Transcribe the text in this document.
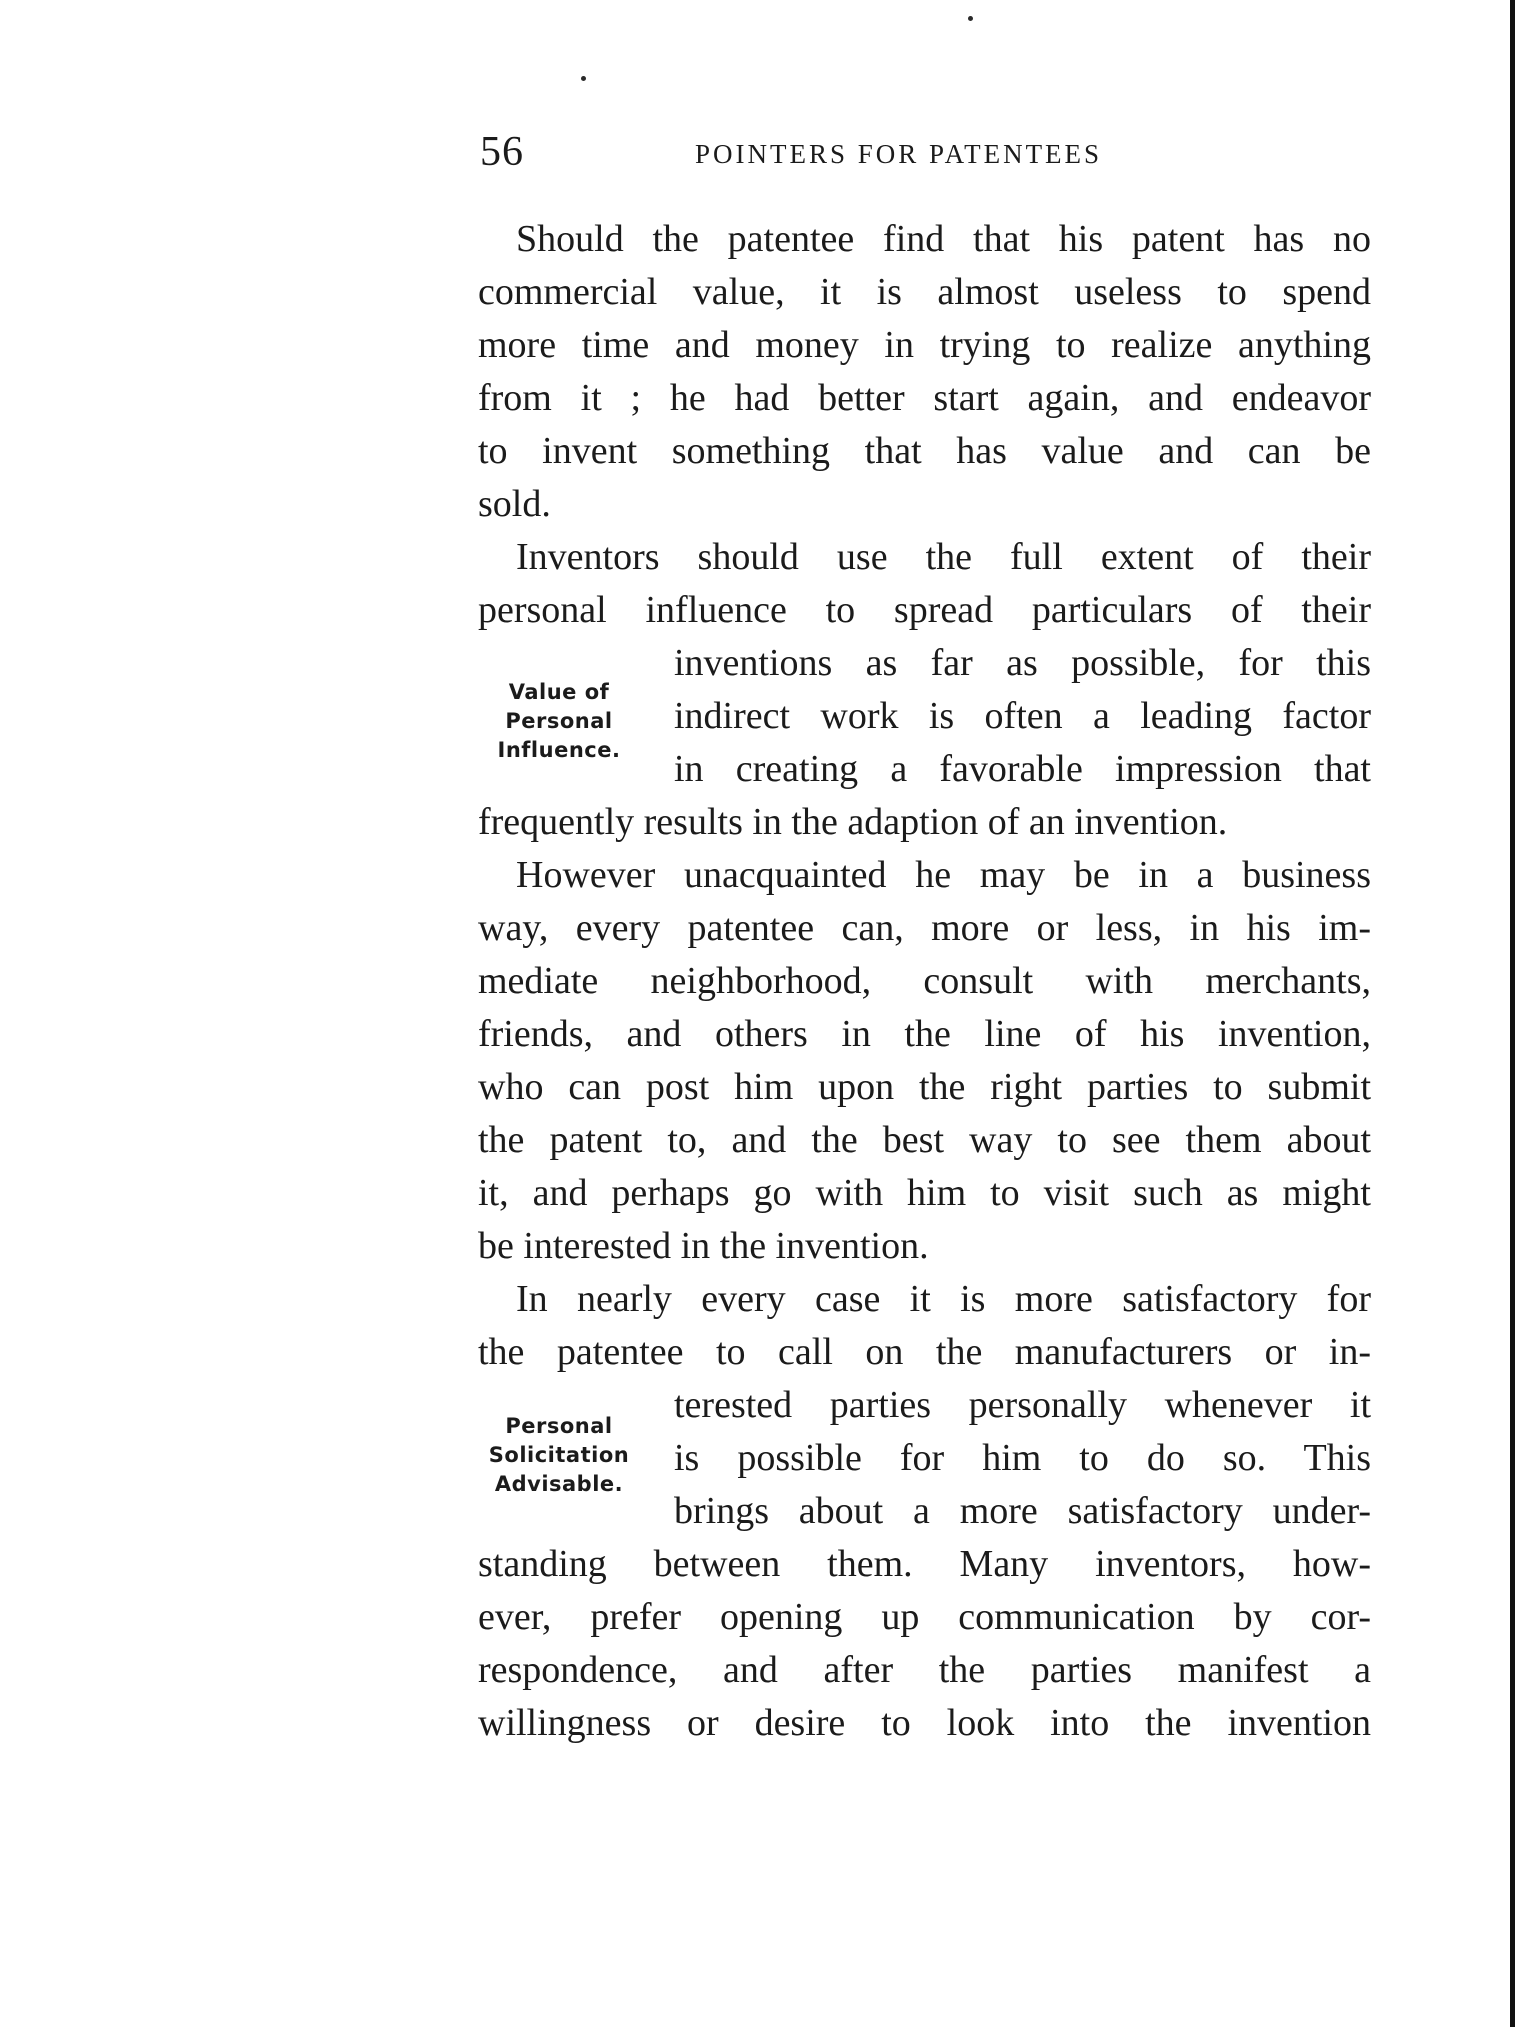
56	POINTERS FOR PATENTEES
Should the patentee find that his patent has no
commercial value, it is almost useless to spend
more time and money in trying to realize anything
from it ; he had better start again, and endeavor
to invent something that has value and can be
sold.
Inventors should use the full extent of their
personal influence to spread particulars of their
inventions as far as possible, for this
indirect work is often a leading factor
in creating a favorable impression that
frequently results in the adaption of an invention.
However unacquainted he may be in a business
way, every patentee can, more or less, in his im-
mediate neighborhood, consult with merchants,
friends, and others in the line of his invention,
who can post him upon the right parties to submit
the patent to, and the best way to see them about
it, and perhaps go with him to visit such as might
be interested in the invention.
In nearly every case it is more satisfactory for
the patentee to call on the manufacturers or in-
terested parties personally whenever it
is possible for him to do so. This
brings about a more satisfactory under-
standing between them. Many inventors, how-
ever, prefer opening up communication by cor-
respondence, and after the parties manifest a
willingness or desire to look into the invention
Value of
Personal
Influence.
Personal
Solicitation
Advisable.
